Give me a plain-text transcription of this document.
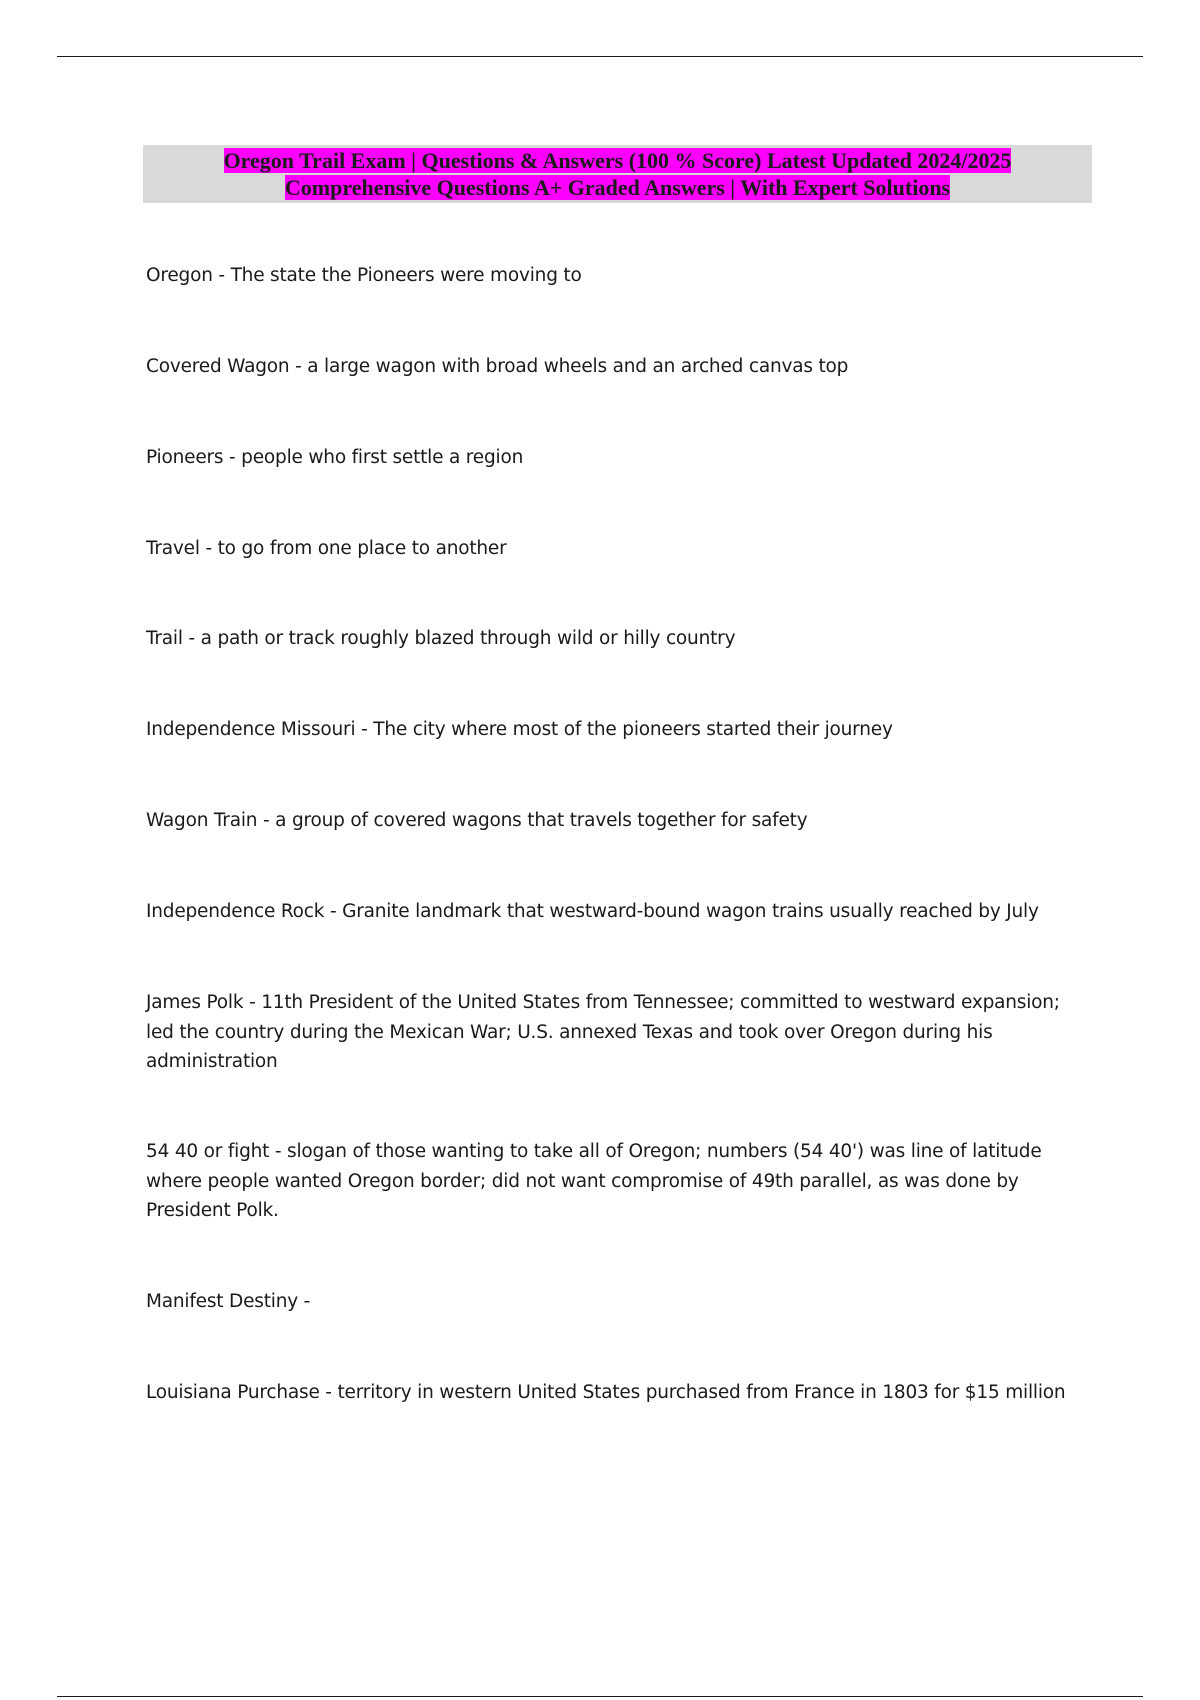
Oregon Trail Exam | Questions & Answers (100 % Score) Latest Updated 2024/2025
Comprehensive Questions A+ Graded Answers | With Expert Solutions
Oregon - The state the Pioneers were moving to
Covered Wagon - a large wagon with broad wheels and an arched canvas top
Pioneers - people who first settle a region
Travel - to go from one place to another
Trail - a path or track roughly blazed through wild or hilly country
Independence Missouri - The city where most of the pioneers started their journey
Wagon Train - a group of covered wagons that travels together for safety
Independence Rock - Granite landmark that westward-bound wagon trains usually reached by July
James Polk - 11th President of the United States from Tennessee; committed to westward expansion; led the country during the Mexican War; U.S. annexed Texas and took over Oregon during his administration
54 40 or fight - slogan of those wanting to take all of Oregon; numbers (54 40') was line of latitude where people wanted Oregon border; did not want compromise of 49th parallel, as was done by President Polk.
Manifest Destiny -
Louisiana Purchase - territory in western United States purchased from France in 1803 for $15 million
